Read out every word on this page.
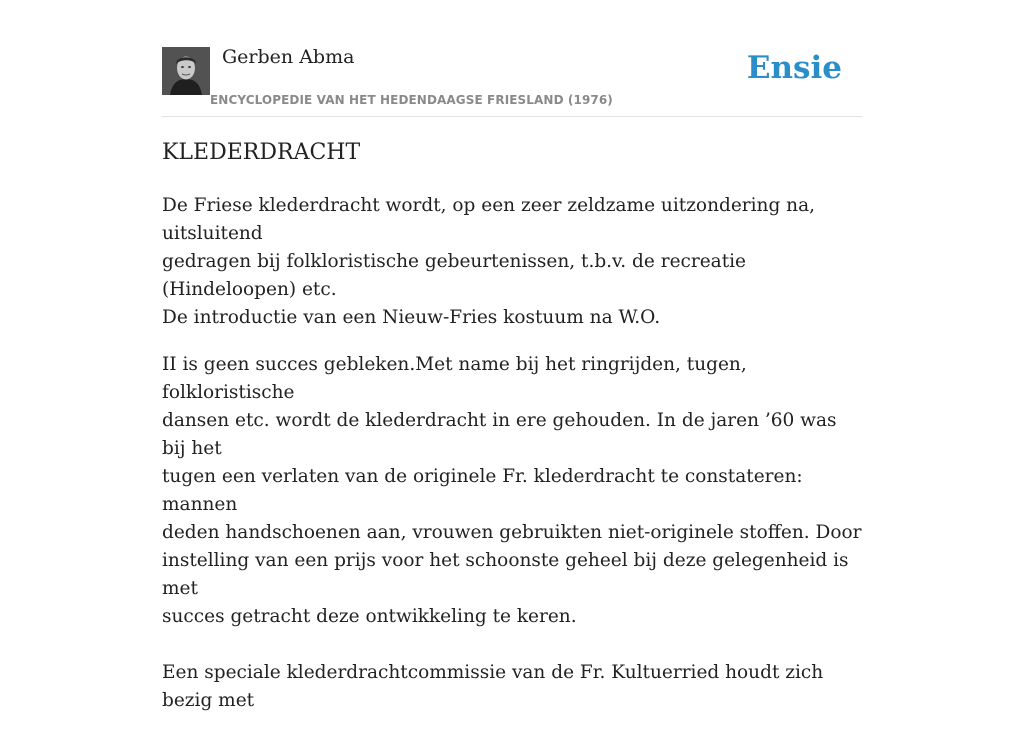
Gerben Abma
ENCYCLOPEDIE VAN HET HEDENDAAGSE FRIESLAND (1976)
Ensie
KLEDERDRACHT

De Friese klederdracht wordt, op een zeer zeldzame uitzondering na, uitsluitend
gedragen bij folkloristische gebeurtenissen, t.b.v. de recreatie (Hindeloopen) etc.
De introductie van een Nieuw-Fries kostuum na W.O.

II is geen succes gebleken.Met name bij het ringrijden, tugen, folkloristische
dansen etc. wordt de klederdracht in ere gehouden. In de jaren ’60 was bij het
tugen een verlaten van de originele Fr. klederdracht te constateren: mannen
deden handschoenen aan, vrouwen gebruikten niet-originele stoffen. Door
instelling van een prijs voor het schoonste geheel bij deze gelegenheid is met
succes getracht deze ontwikkeling te keren.

Een speciale klederdrachtcommissie van de Fr. Kultuerried houdt zich bezig met
